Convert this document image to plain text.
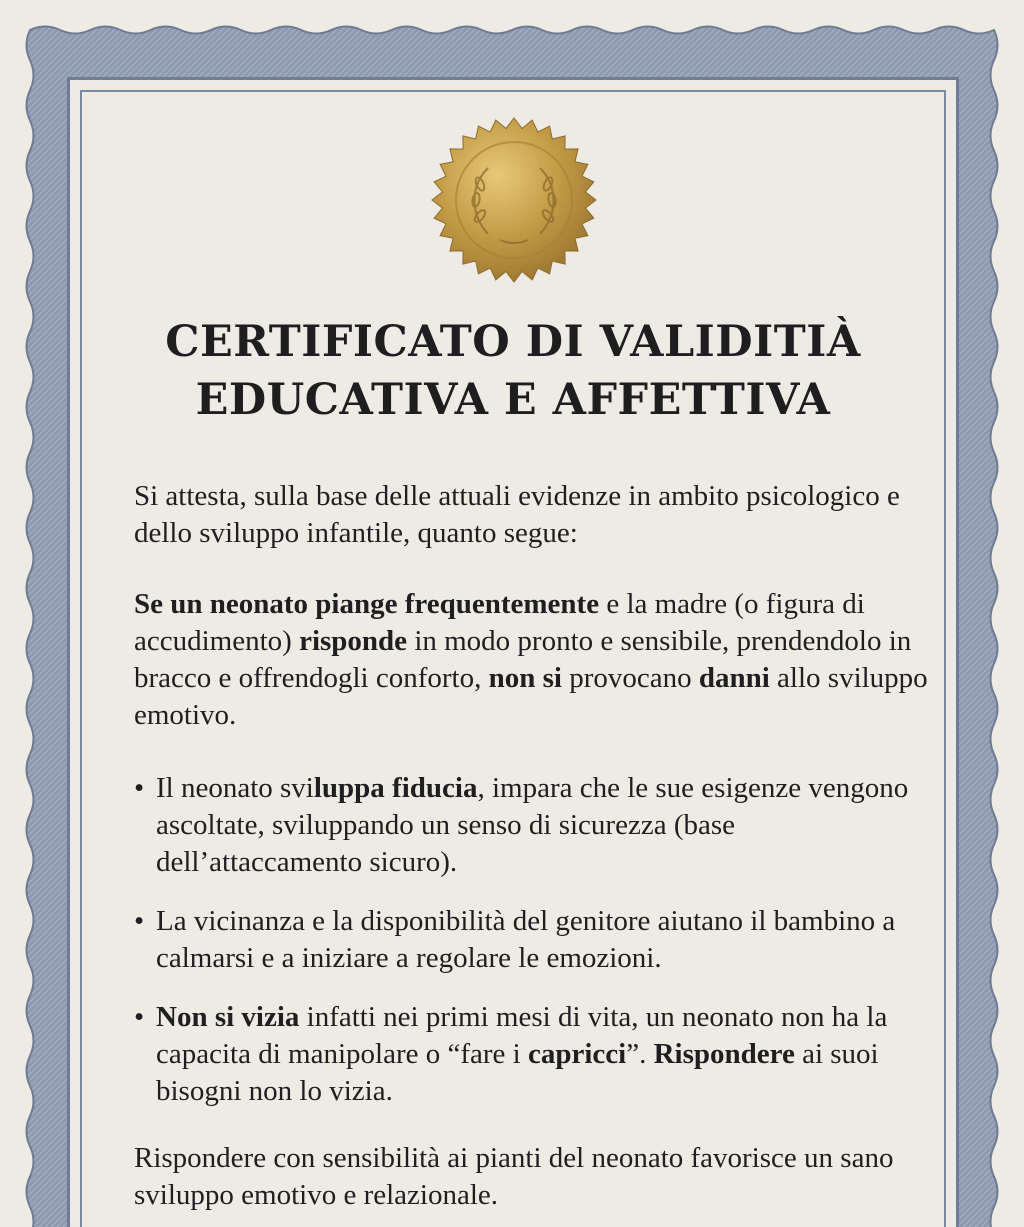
CERTIFICATO DI VALIDITIÀ
EDUCATIVA E AFFETTIVA

Si attesta, sulla base delle attuali evidenze in ambito psicologico e dello sviluppo infantile, quanto segue:

Se un neonato piange frequentemente e la madre (o figura di accudimento) risponde in modo pronto e sensibile, prendendolo in bracco e offrendogli conforto, non si provocano danni allo sviluppo emotivo.

• Il neonato sviluppa fiducia, impara che le sue esigenze vengono ascoltate, sviluppando un senso di sicurezza (base dell’attaccamento sicuro).
• La vicinanza e la disponibilità del genitore aiutano il bambino a calmarsi e a iniziare a regolare le emozioni.
• Non si vizia infatti nei primi mesi di vita, un neonato non ha la capacita di manipolare o “fare i capricci”. Rispondere ai suoi bisogni non lo vizia.

Rispondere con sensibilità ai pianti del neonato favorisce un sano sviluppo emotivo e relazionale.
